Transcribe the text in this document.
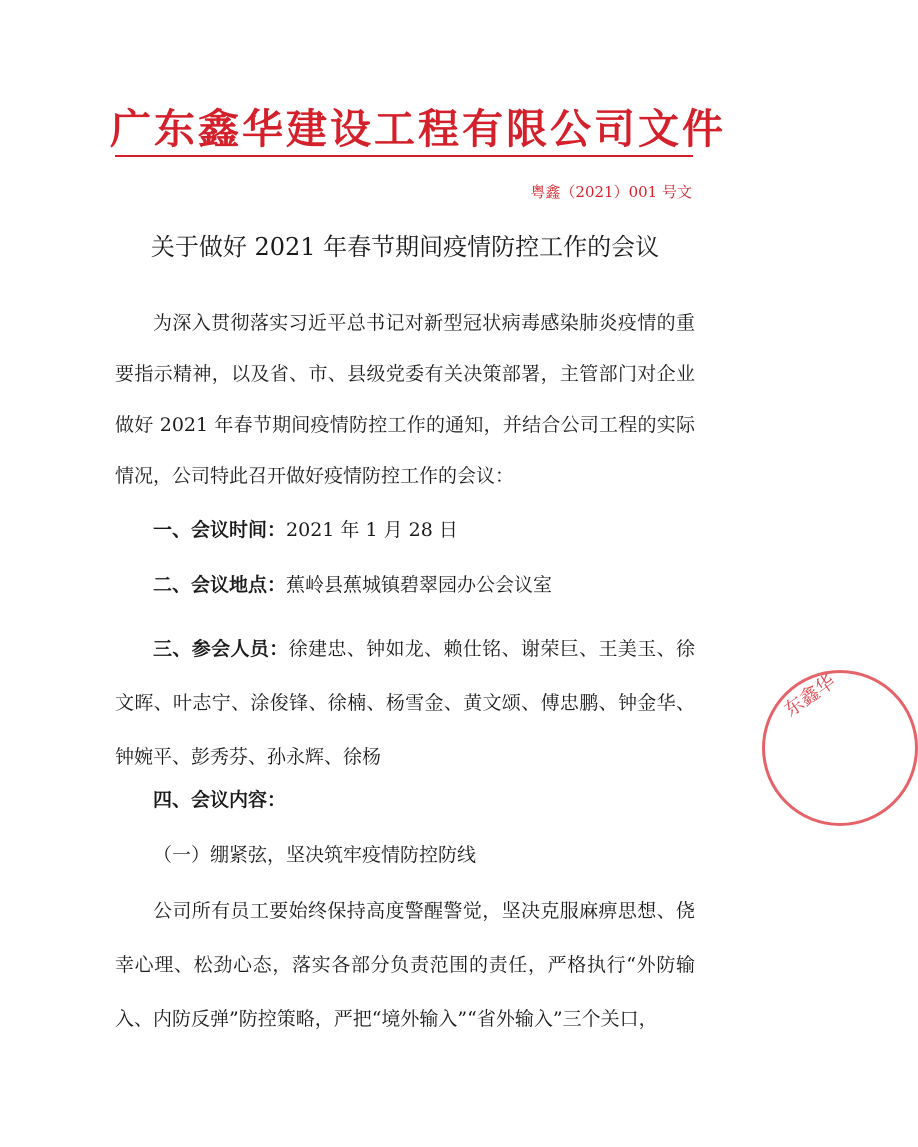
广东鑫华建设工程有限公司文件
粤鑫（2021）001 号文
关于做好 2021 年春节期间疫情防控工作的会议
为深入贯彻落实习近平总书记对新型冠状病毒感染肺炎疫情的重要指示精神，以及省、市、县级党委有关决策部署，主管部门对企业做好 2021 年春节期间疫情防控工作的通知，并结合公司工程的实际情况，公司特此召开做好疫情防控工作的会议：
一、会议时间：2021 年 1 月 28 日
二、会议地点：蕉岭县蕉城镇碧翠园办公会议室
三、参会人员：徐建忠、钟如龙、赖仕铭、谢荣巨、王美玉、徐文晖、叶志宁、涂俊锋、徐楠、杨雪金、黄文颂、傅忠鹏、钟金华、钟婉平、彭秀芬、孙永辉、徐杨
四、会议内容：
（一）绷紧弦，坚决筑牢疫情防控防线
公司所有员工要始终保持高度警醒警觉，坚决克服麻痹思想、侥幸心理、松劲心态，落实各部分负责范围的责任，严格执行“外防输入、内防反弹”防控策略，严把“境外输入”“省外输入”三个关口，
东鑫华
